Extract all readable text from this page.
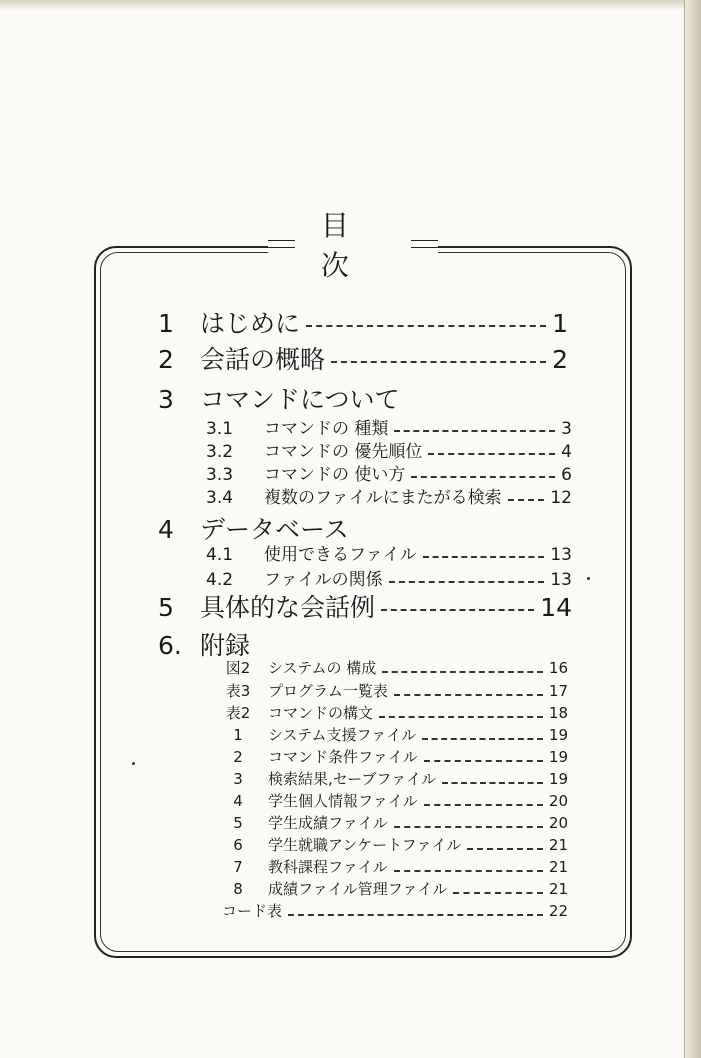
目次
1	はじめに	1
2	会話の概略	2
3	コマンドについて
3.1	コマンドの 種類	3
3.2	コマンドの 優先順位	4
3.3	コマンドの 使い方	6
3.4	複数のファイルにまたがる検索	12
4	データベース
4.1	使用できるファイル	13
4.2	ファイルの関係	13
5	具体的な会話例	14
6. 附録
図2	システムの 構成	16
表3	プログラム一覧表	17
表2	コマンドの構文	18
1	システム支援ファイル	19
2	コマンド条件ファイル	19
3	検索結果,セーブファイル	19
4	学生個人情報ファイル	20
5	学生成績ファイル	20
6	学生就職アンケートファイル	21
7	教科課程ファイル	21
8	成績ファイル管理ファイル	21
コード表	22
